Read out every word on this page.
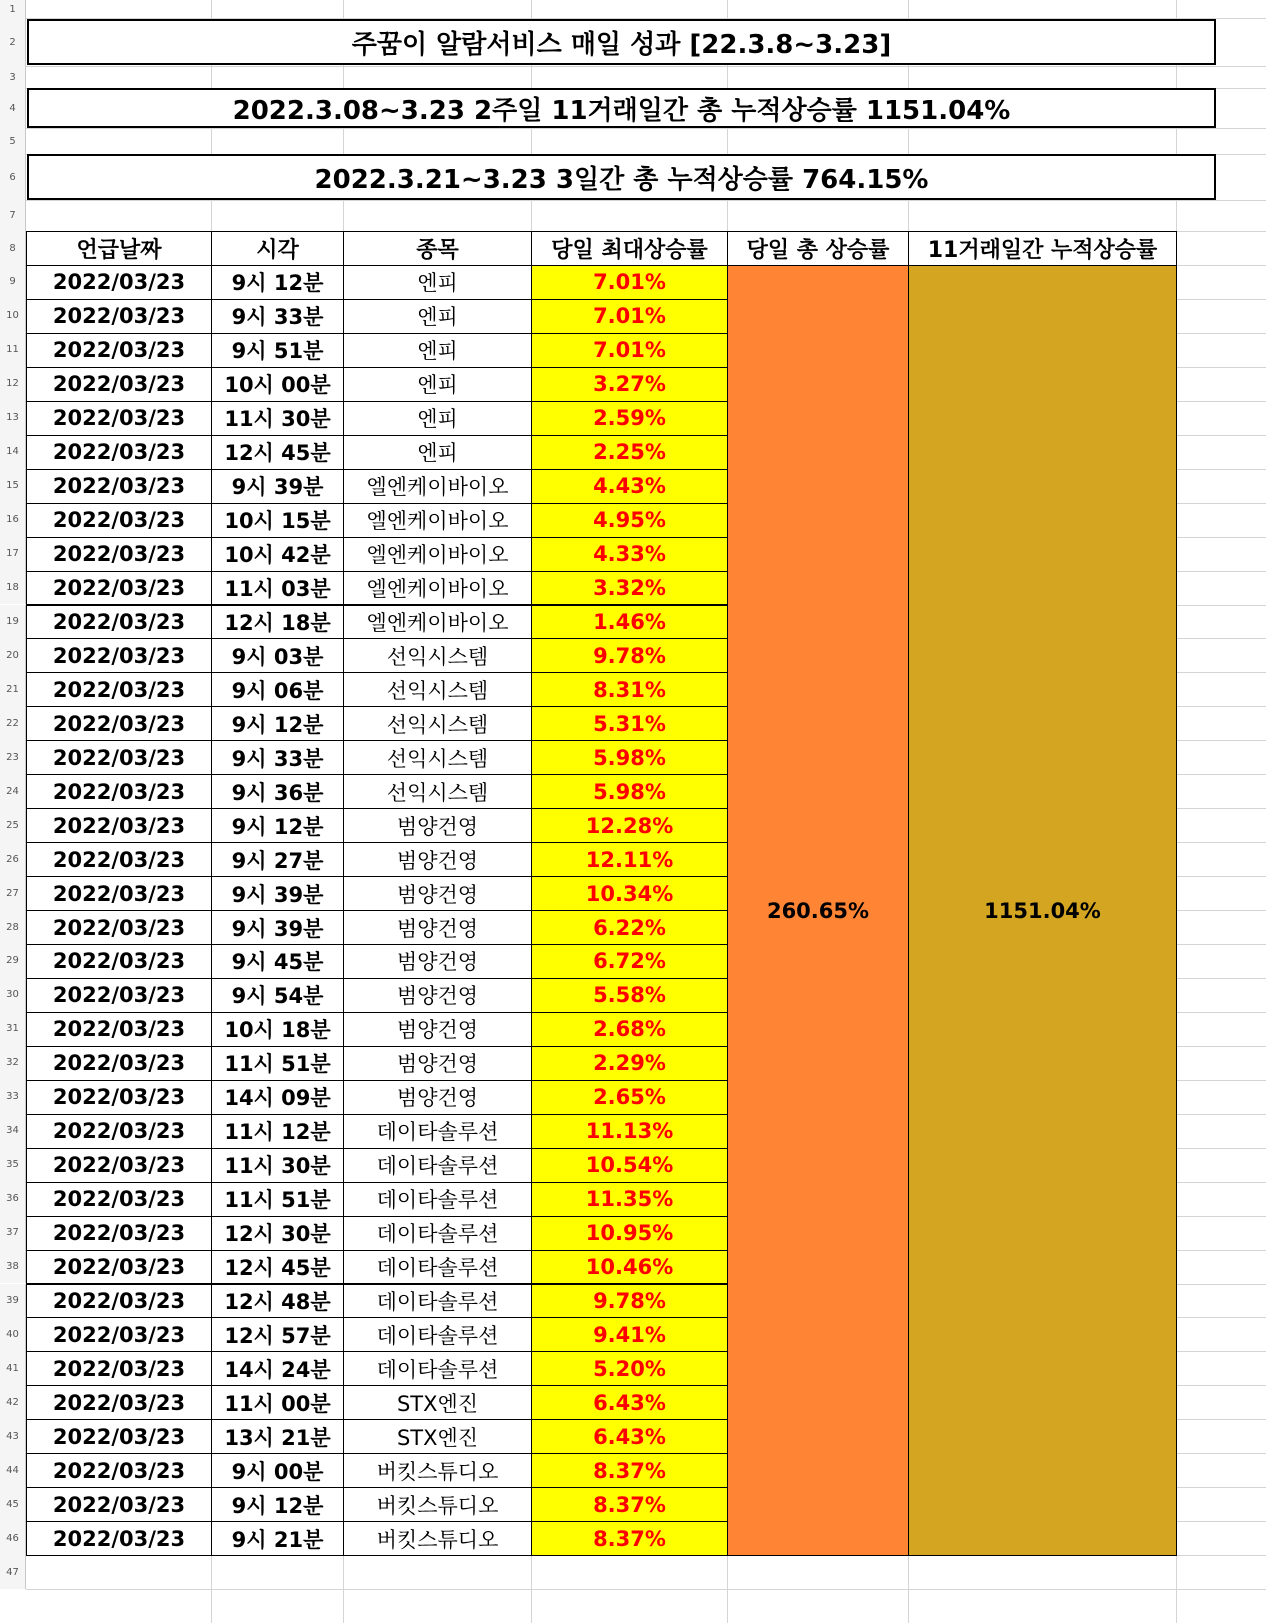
1
2
3
4
5
6
7
8
9
10
11
12
13
14
15
16
17
18
19
20
21
22
23
24
25
26
27
28
29
30
31
32
33
34
35
36
37
38
39
40
41
42
43
44
45
46
47
주꿈이 알람서비스 매일 성과 [22.3.8~3.23]
2022.3.08~3.23 2주일 11거래일간 총 누적상승률 1151.04%
2022.3.21~3.23 3일간 총 누적상승률 764.15%
언급날짜	시각	종목	당일 최대상승률	당일 총 상승률	11거래일간 누적상승률
2022/03/23	9시 12분	엔피	7.01%
2022/03/23	9시 33분	엔피	7.01%
2022/03/23	9시 51분	엔피	7.01%
2022/03/23	10시 00분	엔피	3.27%
2022/03/23	11시 30분	엔피	2.59%
2022/03/23	12시 45분	엔피	2.25%
2022/03/23	9시 39분	엘엔케이바이오	4.43%
2022/03/23	10시 15분	엘엔케이바이오	4.95%
2022/03/23	10시 42분	엘엔케이바이오	4.33%
2022/03/23	11시 03분	엘엔케이바이오	3.32%
2022/03/23	12시 18분	엘엔케이바이오	1.46%
2022/03/23	9시 03분	선익시스템	9.78%
2022/03/23	9시 06분	선익시스템	8.31%
2022/03/23	9시 12분	선익시스템	5.31%
2022/03/23	9시 33분	선익시스템	5.98%
2022/03/23	9시 36분	선익시스템	5.98%
2022/03/23	9시 12분	범양건영	12.28%
2022/03/23	9시 27분	범양건영	12.11%
2022/03/23	9시 39분	범양건영	10.34%
2022/03/23	9시 39분	범양건영	6.22%
2022/03/23	9시 45분	범양건영	6.72%
2022/03/23	9시 54분	범양건영	5.58%
2022/03/23	10시 18분	범양건영	2.68%
2022/03/23	11시 51분	범양건영	2.29%
2022/03/23	14시 09분	범양건영	2.65%
2022/03/23	11시 12분	데이타솔루션	11.13%
2022/03/23	11시 30분	데이타솔루션	10.54%
2022/03/23	11시 51분	데이타솔루션	11.35%
2022/03/23	12시 30분	데이타솔루션	10.95%
2022/03/23	12시 45분	데이타솔루션	10.46%
2022/03/23	12시 48분	데이타솔루션	9.78%
2022/03/23	12시 57분	데이타솔루션	9.41%
2022/03/23	14시 24분	데이타솔루션	5.20%
2022/03/23	11시 00분	STX엔진	6.43%
2022/03/23	13시 21분	STX엔진	6.43%
2022/03/23	9시 00분	버킷스튜디오	8.37%
2022/03/23	9시 12분	버킷스튜디오	8.37%
2022/03/23	9시 21분	버킷스튜디오	8.37%
260.65%	1151.04%
